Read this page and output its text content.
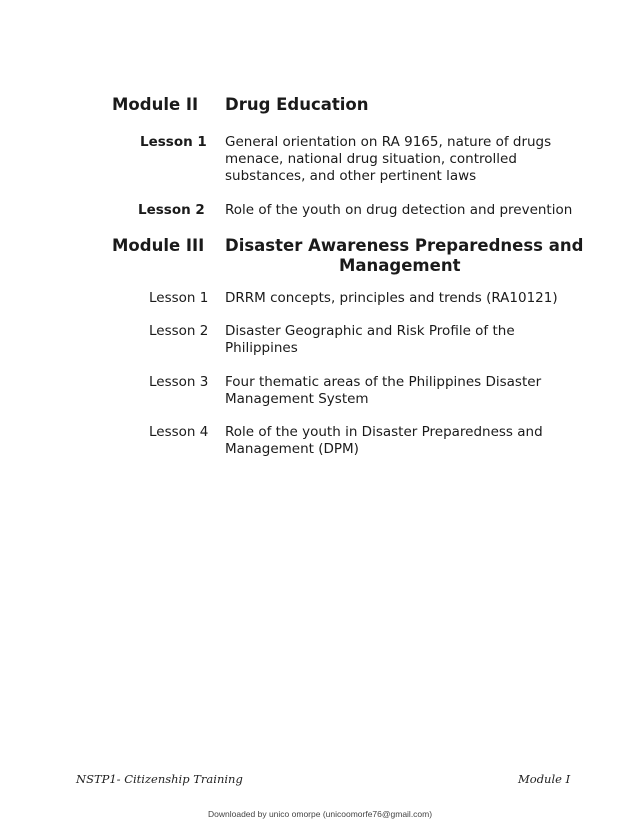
Module II Drug Education
Lesson 1 General orientation on RA 9165, nature of drugs
menace, national drug situation, controlled
substances, and other pertinent laws
Lesson 2 Role of the youth on drug detection and prevention
Module III Disaster Awareness Preparedness and
Management
Lesson 1 DRRM concepts, principles and trends (RA10121)
Lesson 2 Disaster Geographic and Risk Profile of the
Philippines
Lesson 3 Four thematic areas of the Philippines Disaster
Management System
Lesson 4 Role of the youth in Disaster Preparedness and
Management (DPM)
NSTP1- Citizenship Training	Module I
Downloaded by unico omorpe (unicoomorfe76@gmail.com)
